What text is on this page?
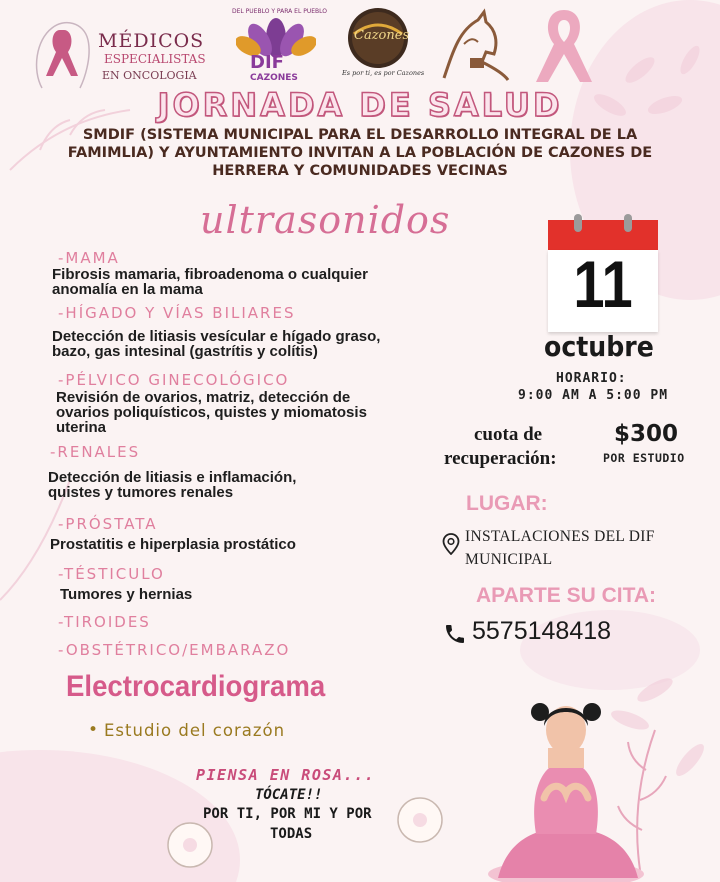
MÉDICOS
ESPECIALISTAS
EN ONCOLOGIA
DEL PUEBLO Y PARA EL PUEBLO
DIF
CAZONES
Cazones
Es por ti, es por Cazones
JORNADA DE SALUD
SMDIF (SISTEMA MUNICIPAL PARA EL DESARROLLO INTEGRAL DE LA
FAMIMLIA) Y AYUNTAMIENTO INVITAN A LA POBLACIÓN DE CAZONES DE
HERRERA Y COMUNIDADES VECINAS
ultrasonidos
-MAMA
Fibrosis mamaria, fibroadenoma o cualquier
anomalía en la mama
-HÍGADO Y VÍAS BILIARES
Detección de litiasis vesícular e hígado graso,
bazo, gas intesinal (gastrítis y colítis)
-PÉLVICO GINECOLÓGICO
Revisión de ovarios, matriz, detección de
ovarios poliquísticos, quistes y miomatosis
uterina
-RENALES
Detección de litiasis e inflamación,
quistes y tumores renales
-PRÓSTATA
Prostatitis e hiperplasia prostático
-TÉSTICULO
Tumores y hernias
-TIROIDES
-OBSTÉTRICO/EMBARAZO
Electrocardiograma
• Estudio del corazón
11
octubre
HORARIO:
9:00 AM A 5:00 PM
cuota de
recuperación:
$300
POR ESTUDIO
LUGAR:
INSTALACIONES DEL DIF
MUNICIPAL
APARTE SU CITA:
5575148418
PIENSA EN ROSA...
TÓCATE!!
POR TI, POR MI Y POR
TODAS
